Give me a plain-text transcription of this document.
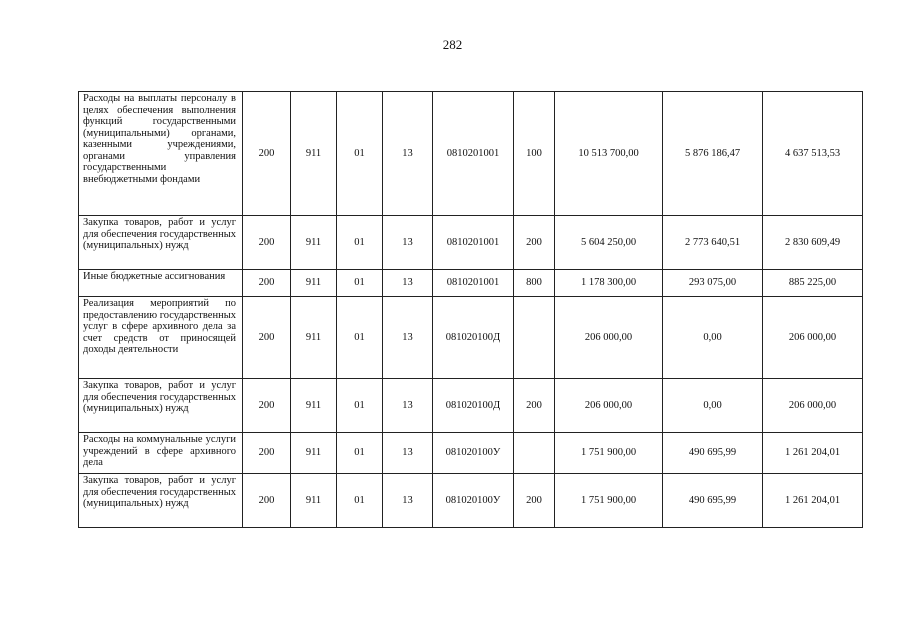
282
Расходы на выплаты персоналу в целях обеспечения выполнения функций государственными (муниципальными) органами, казенными учреждениями, органами управления государственными внебюджетными фондами	200	911	01	13	0810201001	100	10 513 700,00	5 876 186,47	4 637 513,53
Закупка товаров, работ и услуг для обеспечения государственных (муниципальных) нужд	200	911	01	13	0810201001	200	5 604 250,00	2 773 640,51	2 830 609,49
Иные бюджетные ассигнования	200	911	01	13	0810201001	800	1 178 300,00	293 075,00	885 225,00
Реализация мероприятий по предоставлению государственных услуг в сфере архивного дела за счет средств от приносящей доходы деятельности	200	911	01	13	081020100Д		206 000,00	0,00	206 000,00
Закупка товаров, работ и услуг для обеспечения государственных (муниципальных) нужд	200	911	01	13	081020100Д	200	206 000,00	0,00	206 000,00
Расходы на коммунальные услуги учреждений в сфере архивного дела	200	911	01	13	081020100У		1 751 900,00	490 695,99	1 261 204,01
Закупка товаров, работ и услуг для обеспечения государственных (муниципальных) нужд	200	911	01	13	081020100У	200	1 751 900,00	490 695,99	1 261 204,01
